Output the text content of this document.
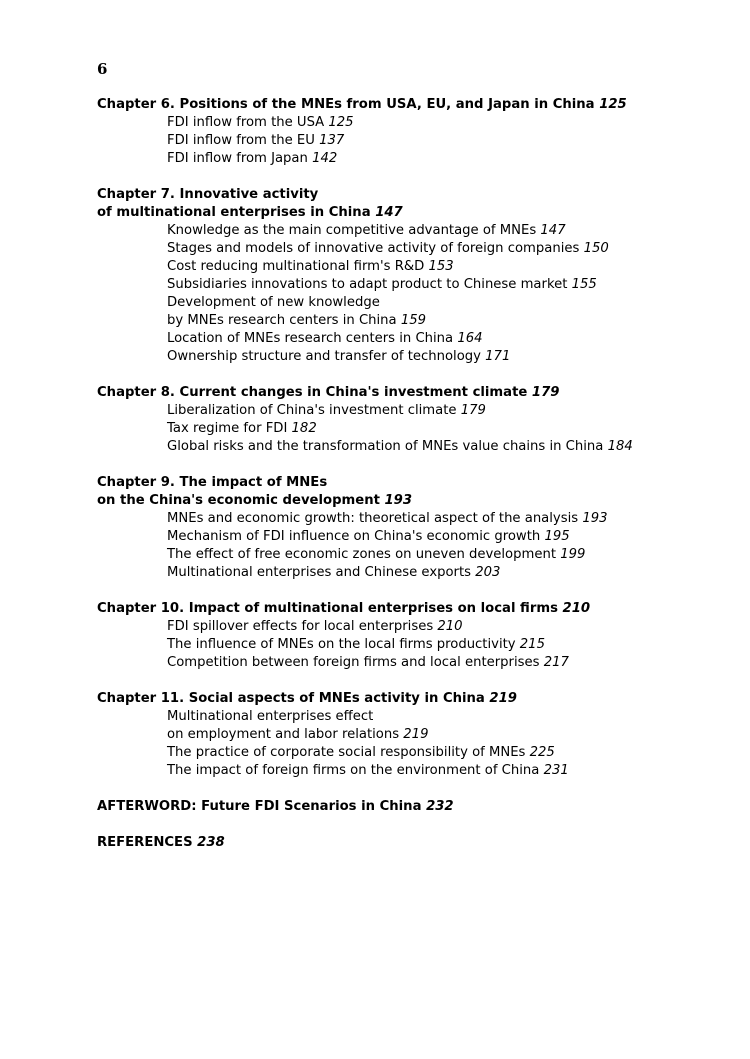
6
Chapter 6. Positions of the MNEs from USA, EU, and Japan in China 125
FDI inflow from the USA 125
FDI inflow from the EU 137
FDI inflow from Japan 142
Chapter 7. Innovative activity
of multinational enterprises in China 147
Knowledge as the main competitive advantage of MNEs 147
Stages and models of innovative activity of foreign companies 150
Cost reducing multinational firm's R&D 153
Subsidiaries innovations to adapt product to Chinese market 155
Development of new knowledge
by MNEs research centers in China 159
Location of MNEs research centers in China 164
Ownership structure and transfer of technology 171
Chapter 8. Current changes in China's investment climate 179
Liberalization of China's investment climate 179
Tax regime for FDI 182
Global risks and the transformation of MNEs value chains in China 184
Chapter 9. The impact of MNEs
on the China's economic development 193
MNEs and economic growth: theoretical aspect of the analysis 193
Mechanism of FDI influence on China's economic growth 195
The effect of free economic zones on uneven development 199
Multinational enterprises and Chinese exports 203
Chapter 10. Impact of multinational enterprises on local firms 210
FDI spillover effects for local enterprises 210
The influence of MNEs on the local firms productivity 215
Competition between foreign firms and local enterprises 217
Chapter 11. Social aspects of MNEs activity in China 219
Multinational enterprises effect
on employment and labor relations 219
The practice of corporate social responsibility of MNEs 225
The impact of foreign firms on the environment of China 231
AFTERWORD: Future FDI Scenarios in China 232
REFERENCES 238
